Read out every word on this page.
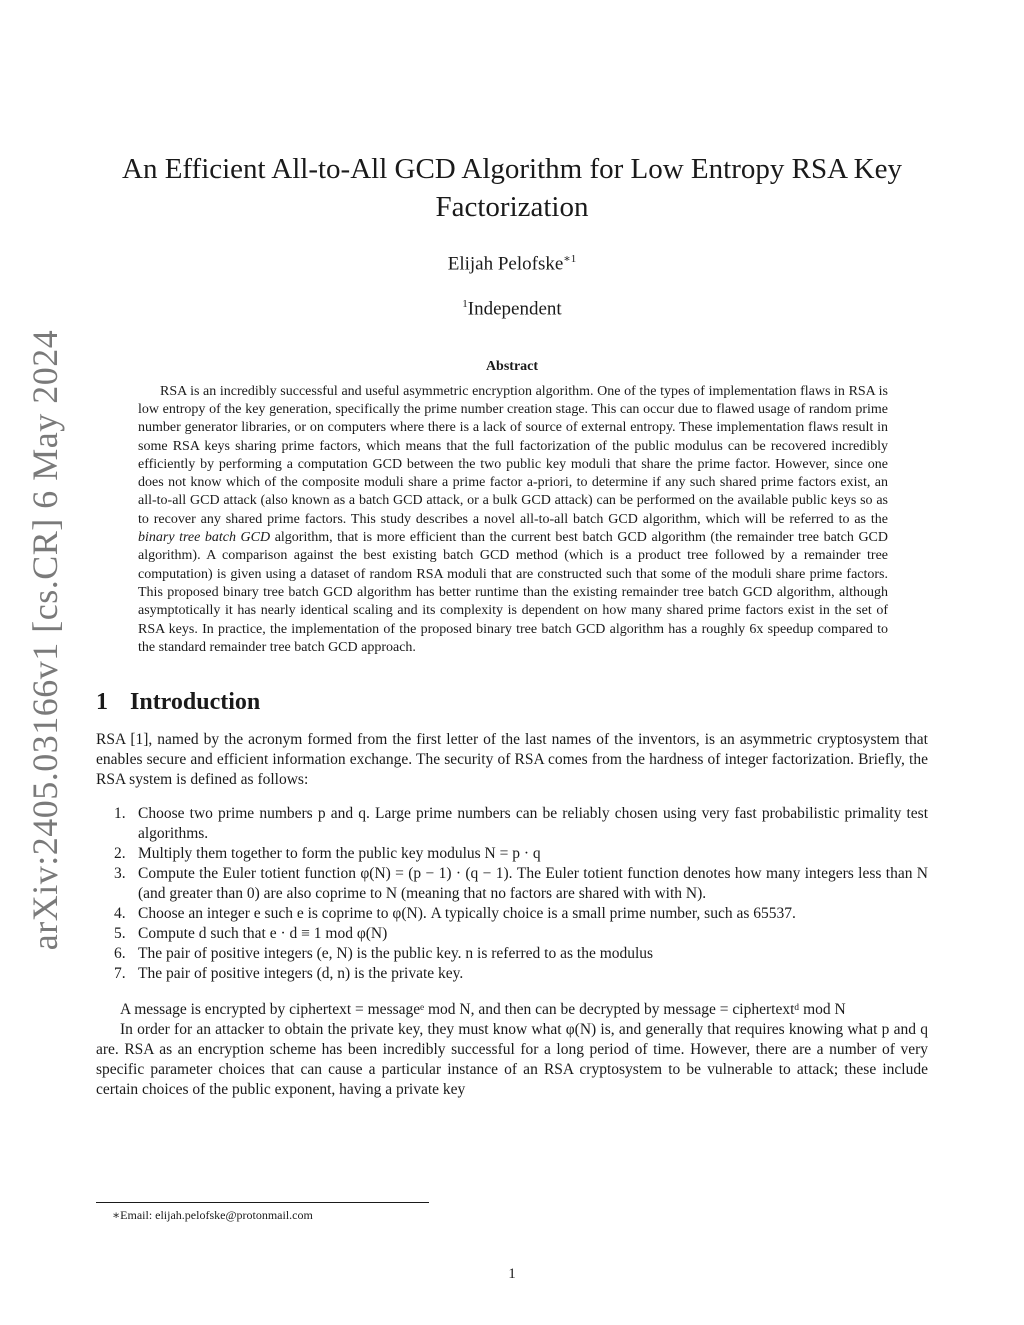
arXiv:2405.03166v1 [cs.CR] 6 May 2024
An Efficient All-to-All GCD Algorithm for Low Entropy RSA Key Factorization
Elijah Pelofske$^{∗1}$
$^1$Independent
Abstract

RSA is an incredibly successful and useful asymmetric encryption algorithm. One of the types of implementation flaws in RSA is low entropy of the key generation, specifically the prime number creation stage. This can occur due to flawed usage of random prime number generator libraries, or on computers where there is a lack of source of external entropy. These implementation flaws result in some RSA keys sharing prime factors, which means that the full factorization of the public modulus can be recovered incredibly efficiently by performing a computation GCD between the two public key moduli that share the prime factor. However, since one does not know which of the composite moduli share a prime factor a-priori, to determine if any such shared prime factors exist, an all-to-all GCD attack (also known as a batch GCD attack, or a bulk GCD attack) can be performed on the available public keys so as to recover any shared prime factors. This study describes a novel all-to-all batch GCD algorithm, which will be referred to as the binary tree batch GCD algorithm, that is more efficient than the current best batch GCD algorithm (the remainder tree batch GCD algorithm). A comparison against the best existing batch GCD method (which is a product tree followed by a remainder tree computation) is given using a dataset of random RSA moduli that are constructed such that some of the moduli share prime factors. This proposed binary tree batch GCD algorithm has better runtime than the existing remainder tree batch GCD algorithm, although asymptotically it has nearly identical scaling and its complexity is dependent on how many shared prime factors exist in the set of RSA keys. In practice, the implementation of the proposed binary tree batch GCD algorithm has a roughly 6x speedup compared to the standard remainder tree batch GCD approach.

1 Introduction

RSA [1], named by the acronym formed from the first letter of the last names of the inventors, is an asymmetric cryptosystem that enables secure and efficient information exchange. The security of RSA comes from the hardness of integer factorization. Briefly, the RSA system is defined as follows:

1. Choose two prime numbers p and q. Large prime numbers can be reliably chosen using very fast probabilistic primality test algorithms.
2. Multiply them together to form the public key modulus N = p · q
3. Compute the Euler totient function φ(N) = (p − 1) · (q − 1). The Euler totient function denotes how many integers less than N (and greater than 0) are also coprime to N (meaning that no factors are shared with with N).
4. Choose an integer e such e is coprime to φ(N). A typically choice is a small prime number, such as 65537.
5. Compute d such that e · d ≡ 1 mod φ(N)
6. The pair of positive integers (e, N) is the public key. n is referred to as the modulus
7. The pair of positive integers (d, n) is the private key.

A message is encrypted by ciphertext = messageᵉ mod N, and then can be decrypted by message = ciphertextᵈ mod N

In order for an attacker to obtain the private key, they must know what φ(N) is, and generally that requires knowing what p and q are. RSA as an encryption scheme has been incredibly successful for a long period of time. However, there are a number of very specific parameter choices that can cause a particular instance of an RSA cryptosystem to be vulnerable to attack; these include certain choices of the public exponent, having a private key

∗Email: elijah.pelofske@protonmail.com
1
